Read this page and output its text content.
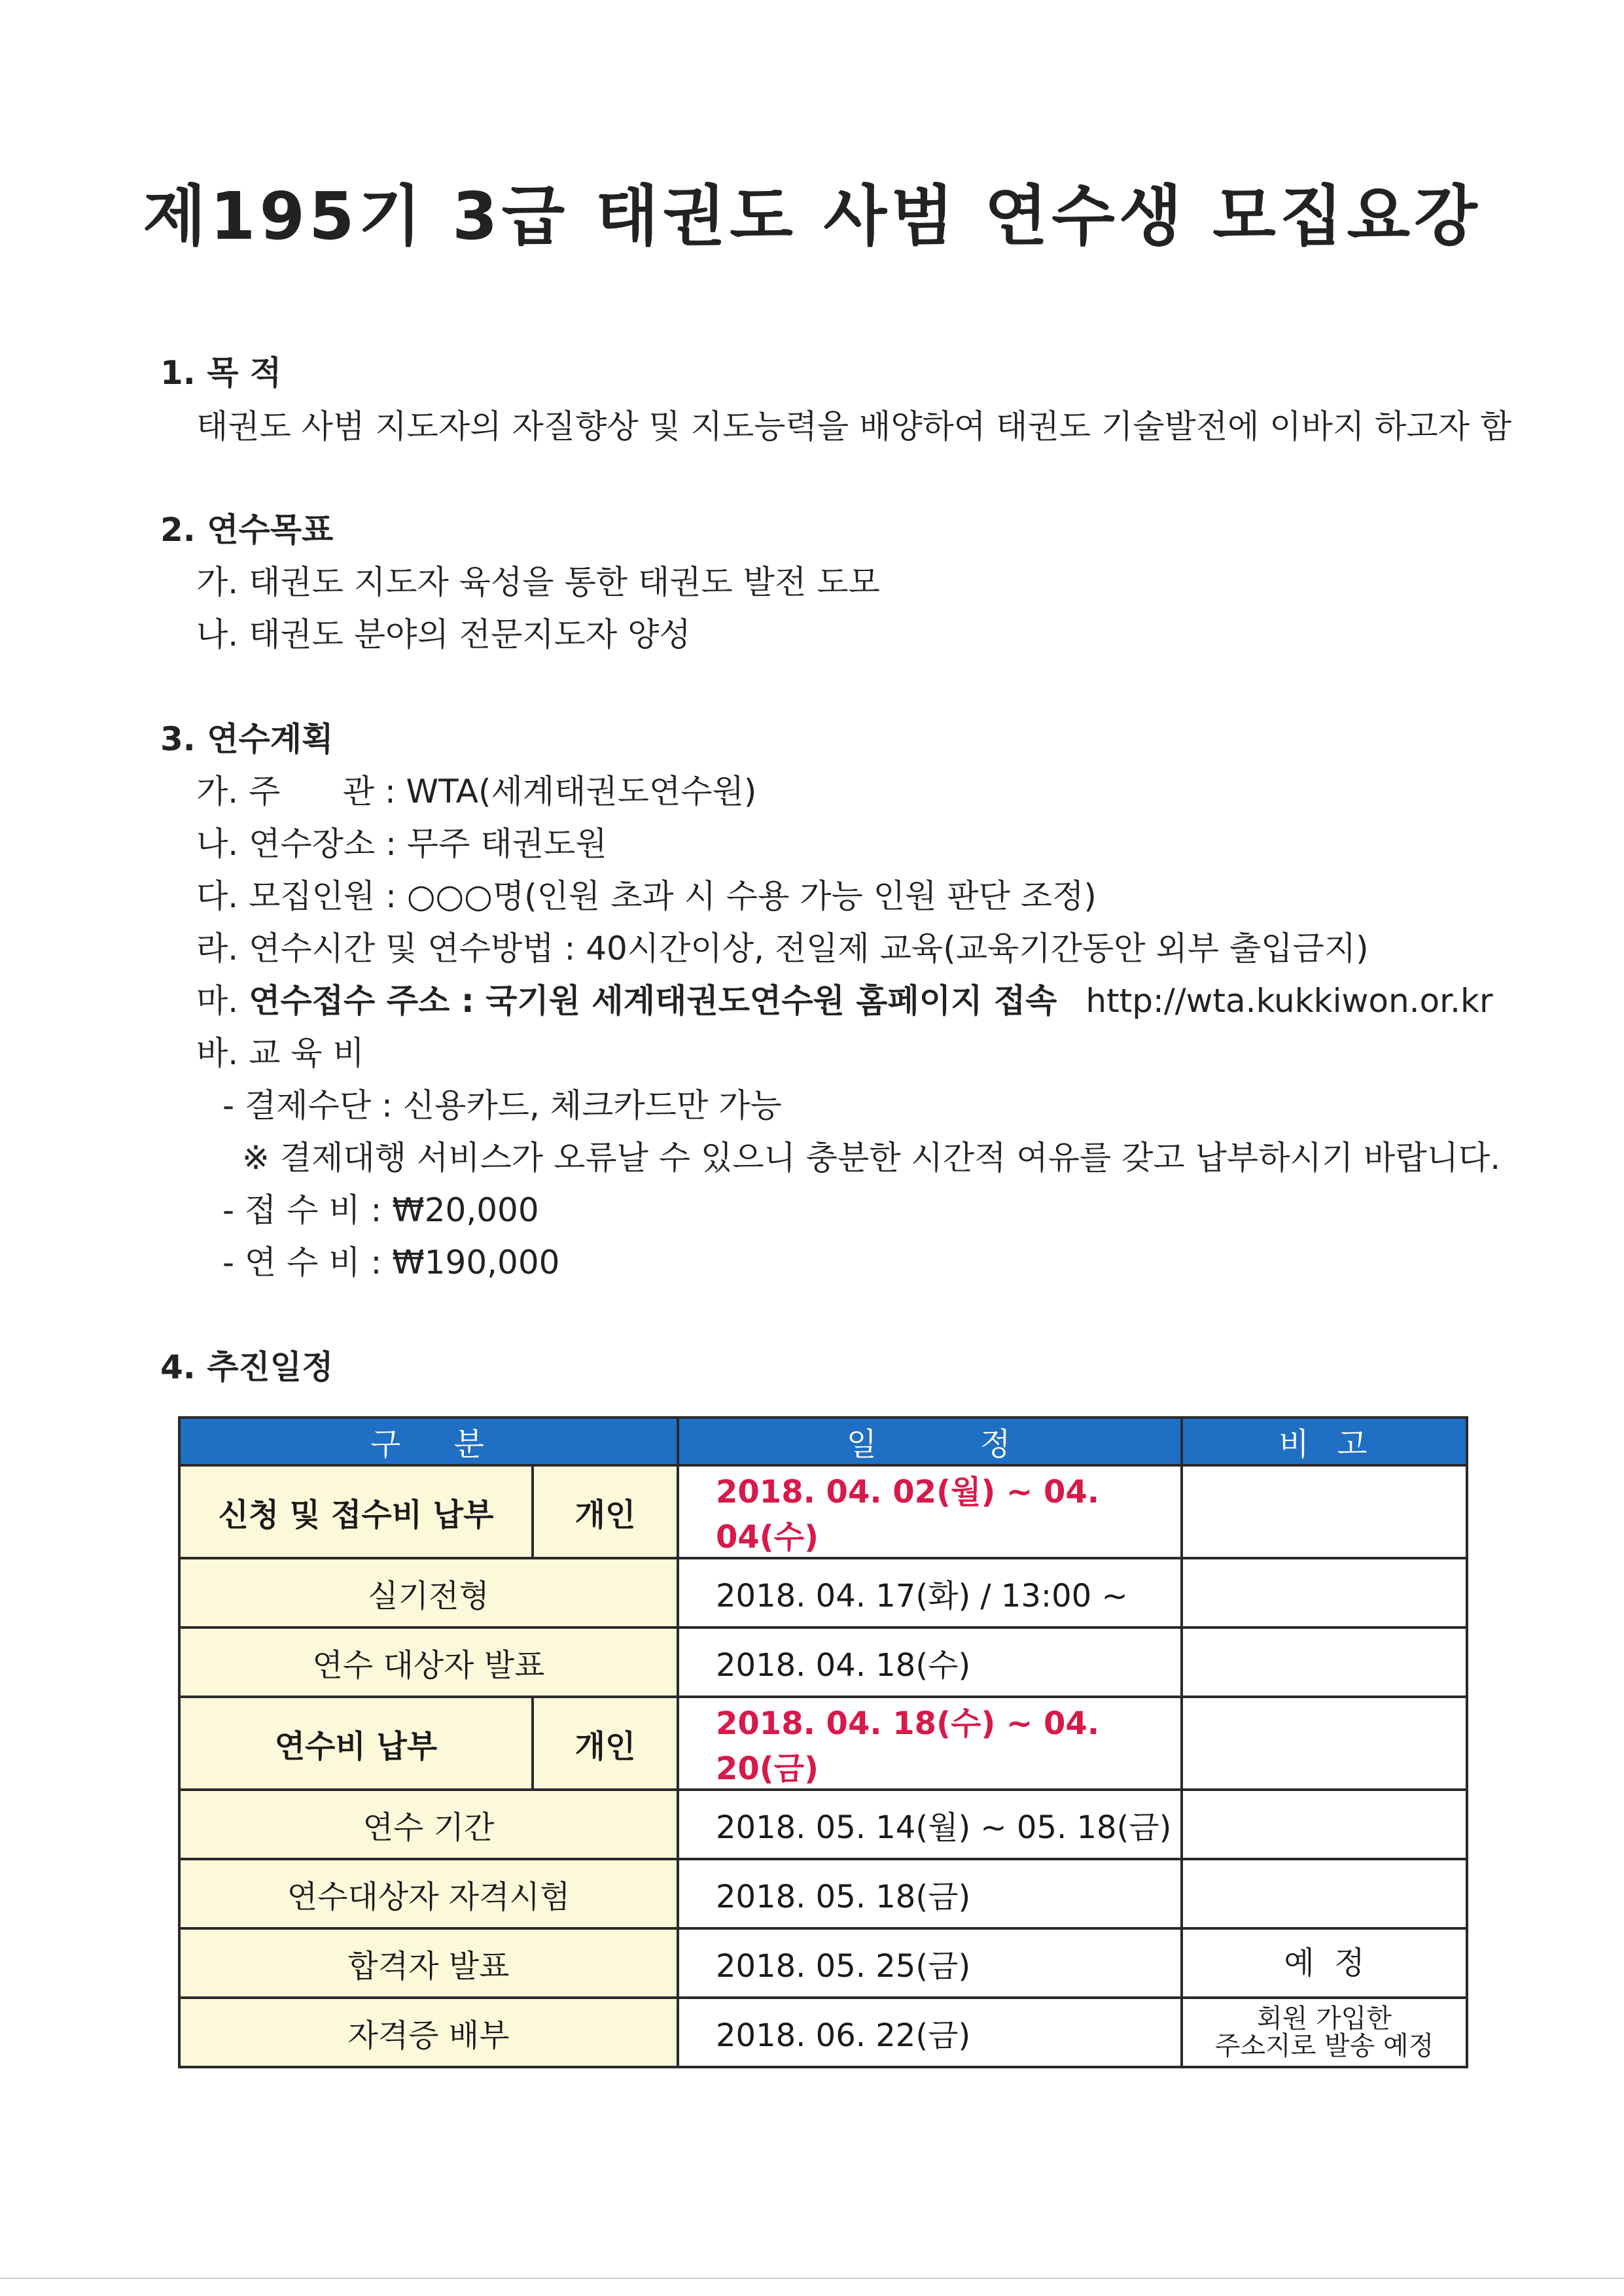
제195기 3급 태권도 사범 연수생 모집요강
1. 목 적
태권도 사범 지도자의 자질향상 및 지도능력을 배양하여 태권도 기술발전에 이바지 하고자 함
2. 연수목표
가. 태권도 지도자 육성을 통한 태권도 발전 도모
나. 태권도 분야의 전문지도자 양성
3. 연수계획
가. 주      관 : WTA(세계태권도연수원)
나. 연수장소 : 무주 태권도원
다. 모집인원 : ○○○명(인원 초과 시 수용 가능 인원 판단 조정)
라. 연수시간 및 연수방법 : 40시간이상, 전일제 교육(교육기간동안 외부 출입금지)
마. 연수접수 주소 : 국기원 세계태권도연수원 홈페이지 접속 http://wta.kukkiwon.or.kr
바. 교 육 비
- 결제수단 : 신용카드, 체크카드만 가능
※ 결제대행 서비스가 오류날 수 있으니 충분한 시간적 여유를 갖고 납부하시기 바랍니다.
- 접 수 비 : ₩20,000
- 연 수 비 : ₩190,000
4. 추진일정
구    분		일        정	비  고
신청 및 접수비 납부	개인	2018. 04. 02(월) ~ 04. 04(수)	
실기전형		2018. 04. 17(화) / 13:00 ~	
연수 대상자 발표		2018. 04. 18(수)	
연수비 납부	개인	2018. 04. 18(수) ~ 04. 20(금)	
연수 기간		2018. 05. 14(월) ~ 05. 18(금)	
연수대상자 자격시험		2018. 05. 18(금)	
합격자 발표		2018. 05. 25(금)	예  정
자격증 배부		2018. 06. 22(금)	회원 가입한
주소지로 발송 예정
